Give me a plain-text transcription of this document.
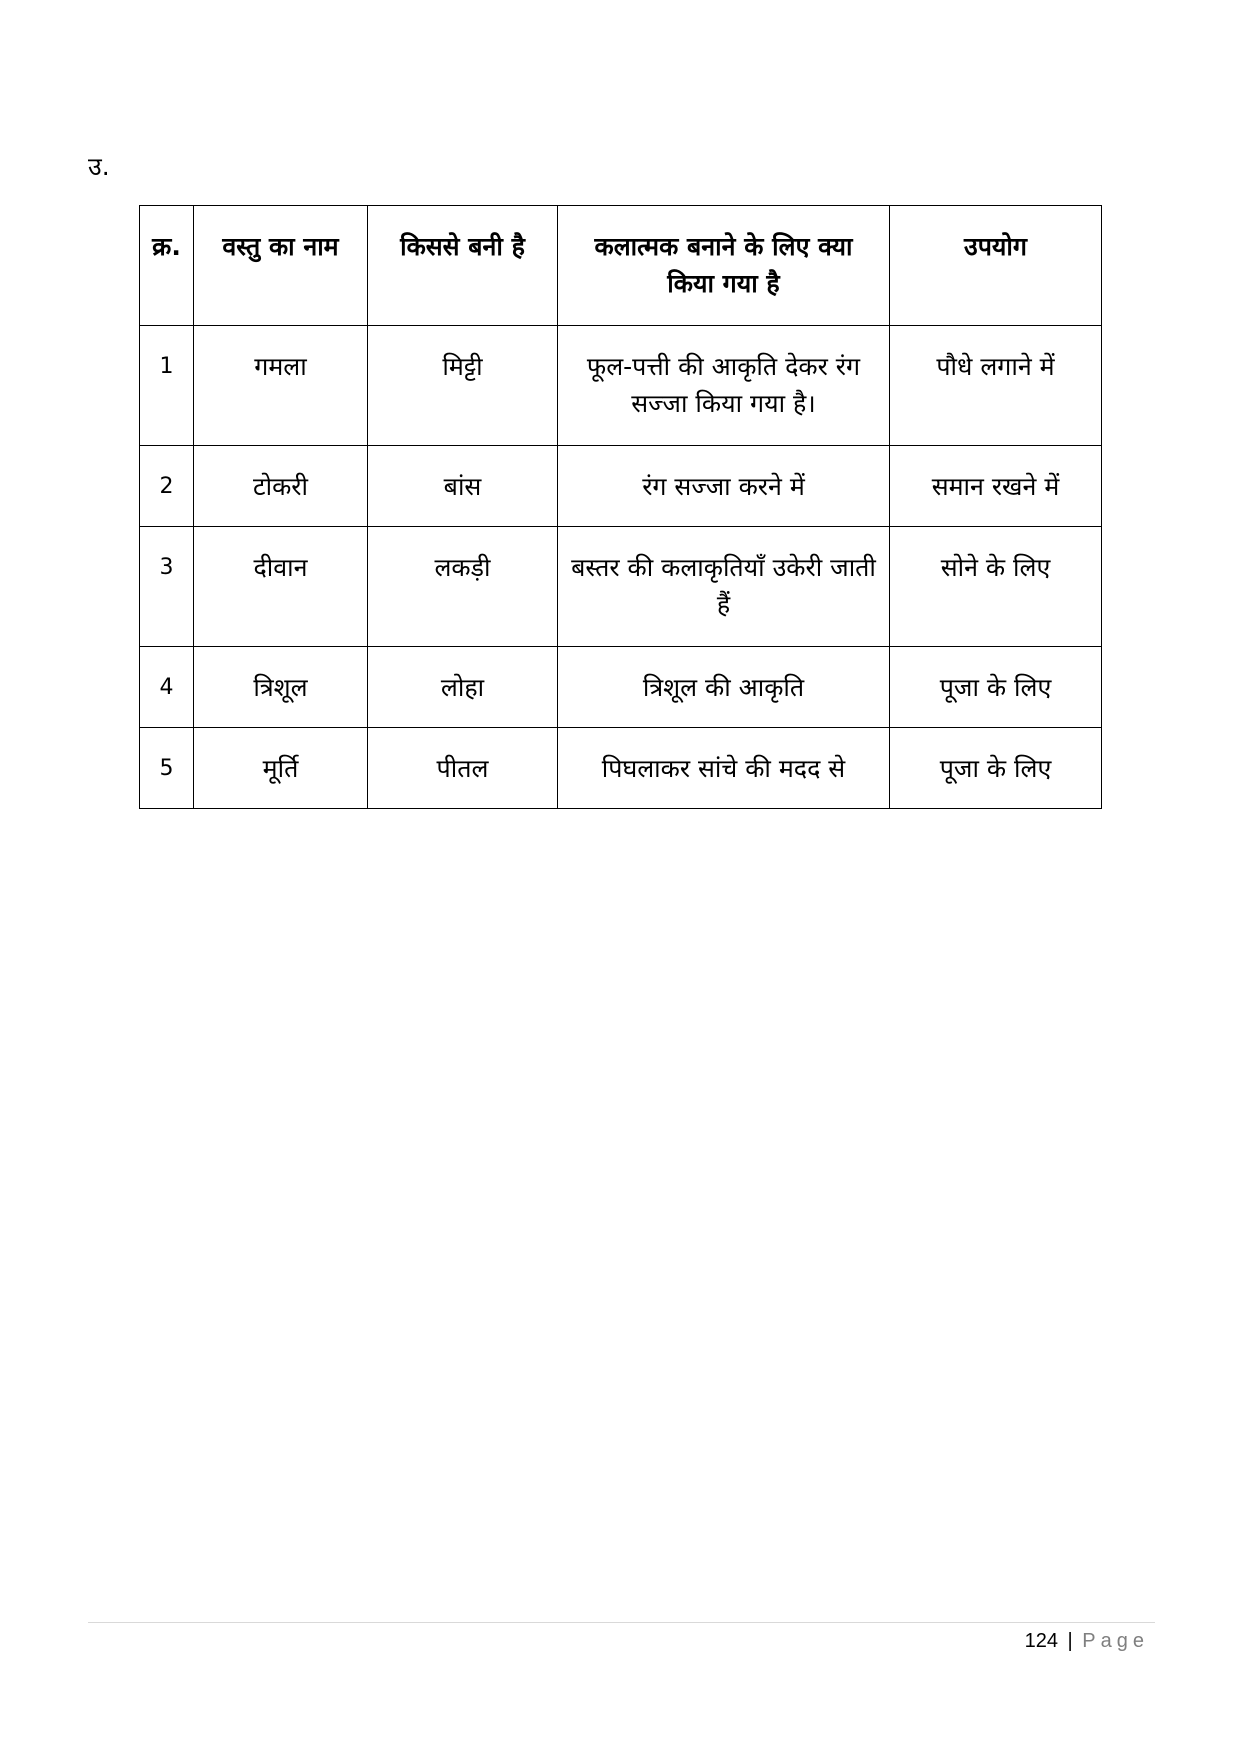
उ.
क्र.	वस्तु का नाम	किससे बनी है	कलात्मक बनाने के लिए क्या किया गया है	उपयोग
1	गमला	मिट्टी	फूल-पत्ती की आकृति देकर रंग सज्जा किया गया है।	पौधे लगाने में
2	टोकरी	बांस	रंग सज्जा करने में	समान रखने में
3	दीवान	लकड़ी	बस्तर की कलाकृतियाँ उकेरी जाती हैं	सोने के लिए
4	त्रिशूल	लोहा	त्रिशूल की आकृति	पूजा के लिए
5	मूर्ति	पीतल	पिघलाकर सांचे की मदद से	पूजा के लिए
124 | Page
